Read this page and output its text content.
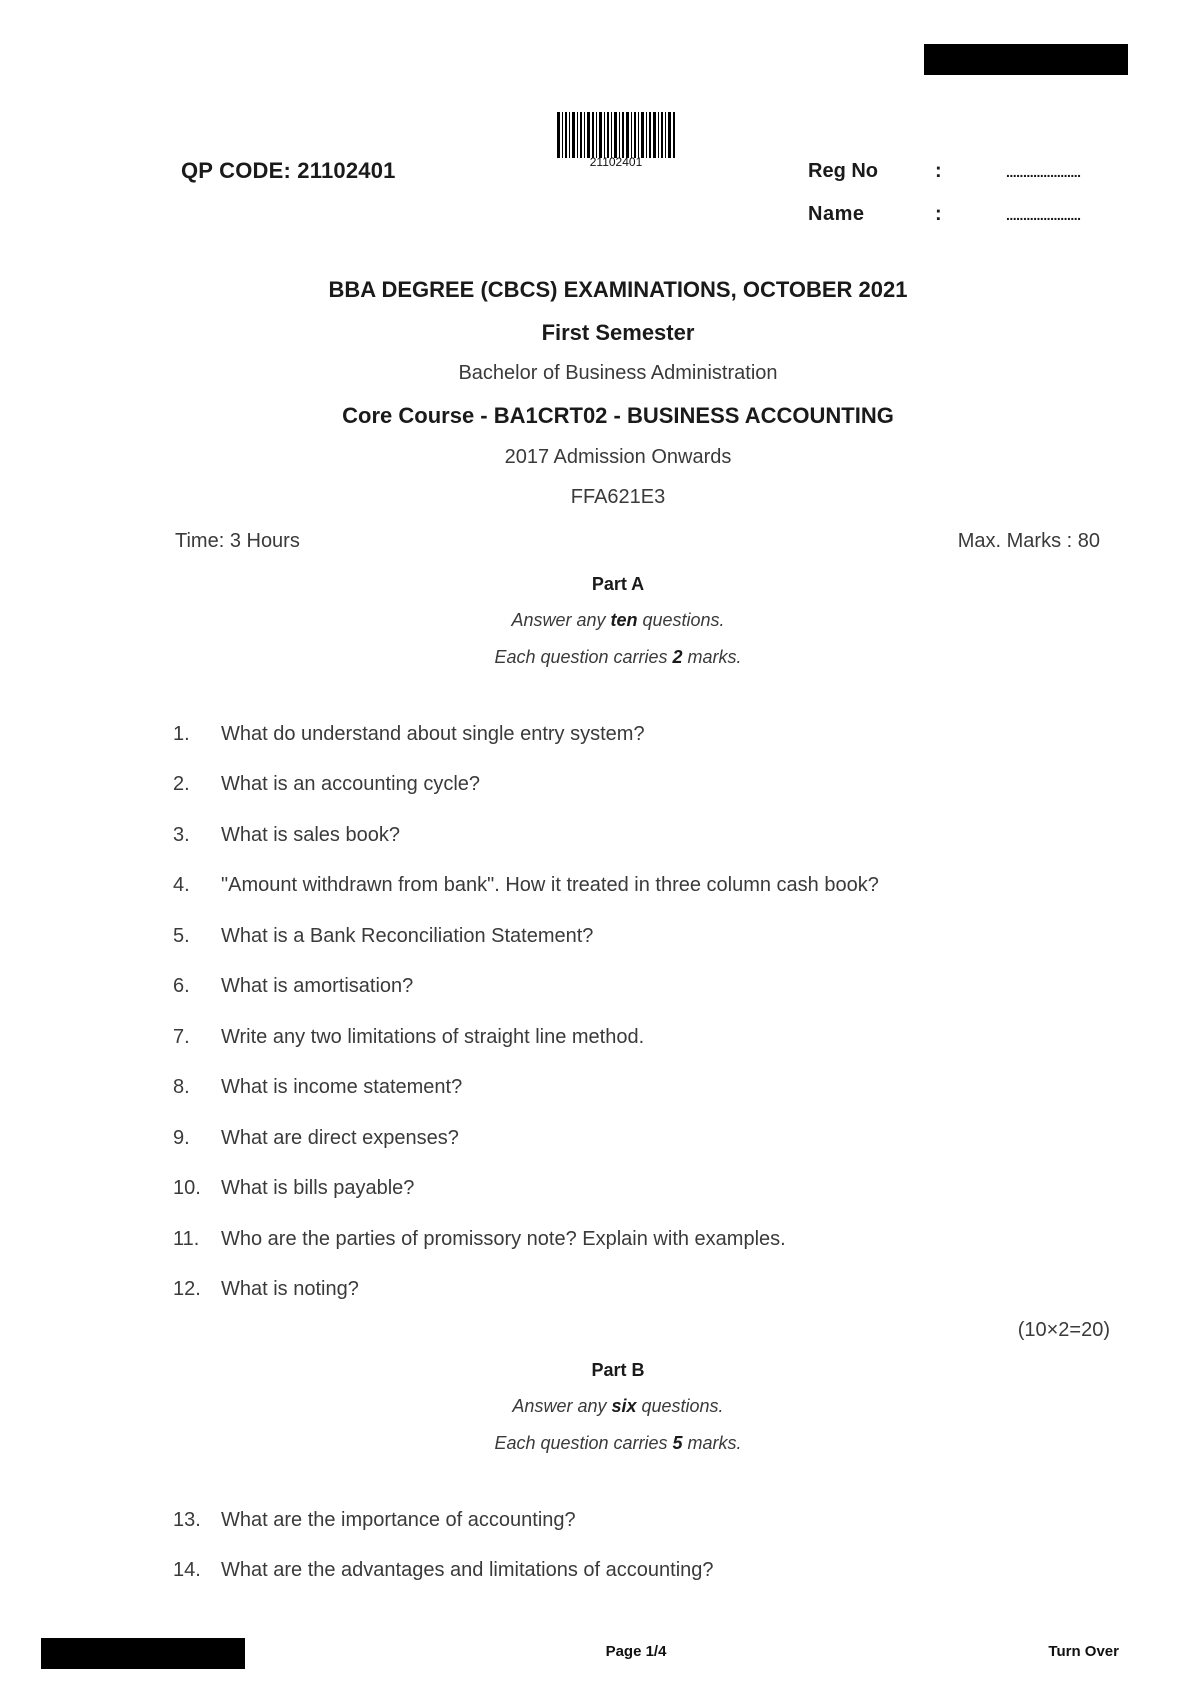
QP CODE: 21102401	21102401	Reg No	:	......................
Name	:	......................
BBA DEGREE (CBCS) EXAMINATIONS, OCTOBER 2021
First Semester
Bachelor of Business Administration
Core Course - BA1CRT02 - BUSINESS ACCOUNTING
2017 Admission Onwards
FFA621E3
Time: 3 Hours	Max. Marks : 80
Part A
Answer any ten questions.
Each question carries 2 marks.
1. What do understand about single entry system?
2. What is an accounting cycle?
3. What is sales book?
4. "Amount withdrawn from bank". How it treated in three column cash book?
5. What is a Bank Reconciliation Statement?
6. What is amortisation?
7. Write any two limitations of straight line method.
8. What is income statement?
9. What are direct expenses?
10. What is bills payable?
11. Who are the parties of promissory note? Explain with examples.
12. What is noting?
(10×2=20)
Part B
Answer any six questions.
Each question carries 5 marks.
13. What are the importance of accounting?
14. What are the advantages and limitations of accounting?
Page 1/4	Turn Over
